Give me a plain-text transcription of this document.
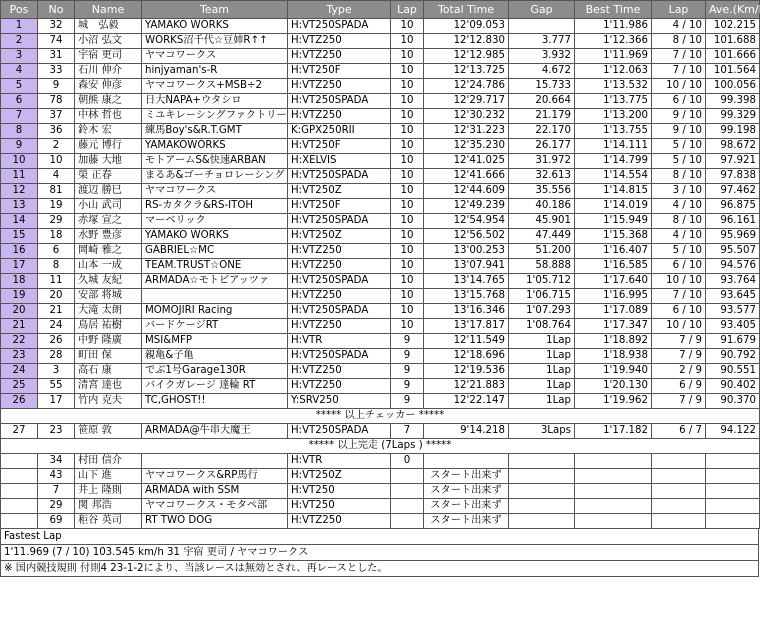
Pos	No	Name	Team	Type	Lap	Total Time	Gap	Best Time	Lap	Ave.(Km/h)
1	32	城　弘毅	YAMAKO WORKS	H:VT250SPADA	10	12'09.053		1'11.986	4 / 10	102.215
2	74	小沼 弘文	WORKS沼千代☆豆姉R↑↑	H:VTZ250	10	12'12.830	3.777	1'12.366	8 / 10	101.688
3	31	宇宿 更司	ヤマコワークス	H:VTZ250	10	12'12.985	3.932	1'11.969	7 / 10	101.666
4	33	石川 伸介	hinjyaman's-R	H:VT250F	10	12'13.725	4.672	1'12.063	7 / 10	101.564
5	9	森安 伸彦	ヤマコワークス+MSB÷2	H:VTZ250	10	12'24.786	15.733	1'13.532	10 / 10	100.056
6	78	朝熊 康之	日大NAPA+ウタシロ	H:VT250SPADA	10	12'29.717	20.664	1'13.775	6 / 10	99.398
7	37	中林 哲也	ミユキレーシングファクトリー	H:VTZ250	10	12'30.232	21.179	1'13.200	9 / 10	99.329
8	36	鈴木 宏	練馬Boy's&R.T.GMT	K:GPX250RII	10	12'31.223	22.170	1'13.755	9 / 10	99.198
9	2	藤元 博行	YAMAKOWORKS	H:VT250F	10	12'35.230	26.177	1'14.111	5 / 10	98.672
10	10	加藤 大地	モトアームS&快速ARBAN	H:XELVIS	10	12'41.025	31.972	1'14.799	5 / 10	97.921
11	4	榮 正春	まるあ&ゴーチョロレーシング	H:VT250SPADA	10	12'41.666	32.613	1'14.554	8 / 10	97.838
12	81	渡辺 勝巳	ヤマコワークス	H:VT250Z	10	12'44.609	35.556	1'14.815	3 / 10	97.462
13	19	小山 武司	RS-カタクラ&RS-ITOH	H:VT250F	10	12'49.239	40.186	1'14.019	4 / 10	96.875
14	29	赤塚 宣之	マーベリック	H:VT250SPADA	10	12'54.954	45.901	1'15.949	8 / 10	96.161
15	18	水野 豊彦	YAMAKO WORKS	H:VT250Z	10	12'56.502	47.449	1'15.368	4 / 10	95.969
16	6	岡崎 雅之	GABRIEL☆MC	H:VTZ250	10	13'00.253	51.200	1'16.407	5 / 10	95.507
17	8	山本 一成	TEAM.TRUST☆ONE	H:VTZ250	10	13'07.941	58.888	1'16.585	6 / 10	94.576
18	11	久城 友紀	ARMADA☆モトピアッツァ	H:VT250SPADA	10	13'14.765	1'05.712	1'17.640	10 / 10	93.764
19	20	安部 将城		H:VTZ250	10	13'15.768	1'06.715	1'16.995	7 / 10	93.645
20	21	大滝 太朗	MOMOJIRI Racing	H:VT250SPADA	10	13'16.346	1'07.293	1'17.089	6 / 10	93.577
21	24	鳥居 祐樹	バードケージRT	H:VTZ250	10	13'17.817	1'08.764	1'17.347	10 / 10	93.405
22	26	中野 隆廣	MSI&MFP	H:VTR	9	12'11.549	1Lap	1'18.892	7 / 9	91.679
23	28	町田 保	親亀&子亀	H:VT250SPADA	9	12'18.696	1Lap	1'18.938	7 / 9	90.792
24	3	高石 康	でぶ1号Garage130R	H:VTZ250	9	12'19.536	1Lap	1'19.940	2 / 9	90.551
25	55	清宮 達也	バイクガレージ 達輪 RT	H:VTZ250	9	12'21.883	1Lap	1'20.130	6 / 9	90.402
26	17	竹内 克夫	TC,GHOST!!	Y:SRV250	9	12'22.147	1Lap	1'19.962	7 / 9	90.370
***** 以上チェッカー *****										
27	23	笹原 敦	ARMADA@牛串大魔王	H:VT250SPADA	7	9'14.218	3Laps	1'17.182	6 / 7	94.122
***** 以上完走 (7Laps ) *****										
	34	村田 信介		H:VTR	0					
	43	山下 進	ヤマコワークス&RP馬行	H:VT250Z		スタート出来ず				
	7	井上 隆則	ARMADA with SSM	H:VT250		スタート出来ず				
	29	関 邦浩	ヤマコワークス・モタペ部	H:VT250		スタート出来ず				
	69	秬谷 英司	RT TWO DOG	H:VTZ250		スタート出来ず				
Fastest Lap
1'11.969 (7 / 10) 103.545 km/h 31 宇宿 更司 / ヤマコワークス
※ 国内競技規則 付則4 23-1-2により、当該レースは無効とされ、再レースとした。
